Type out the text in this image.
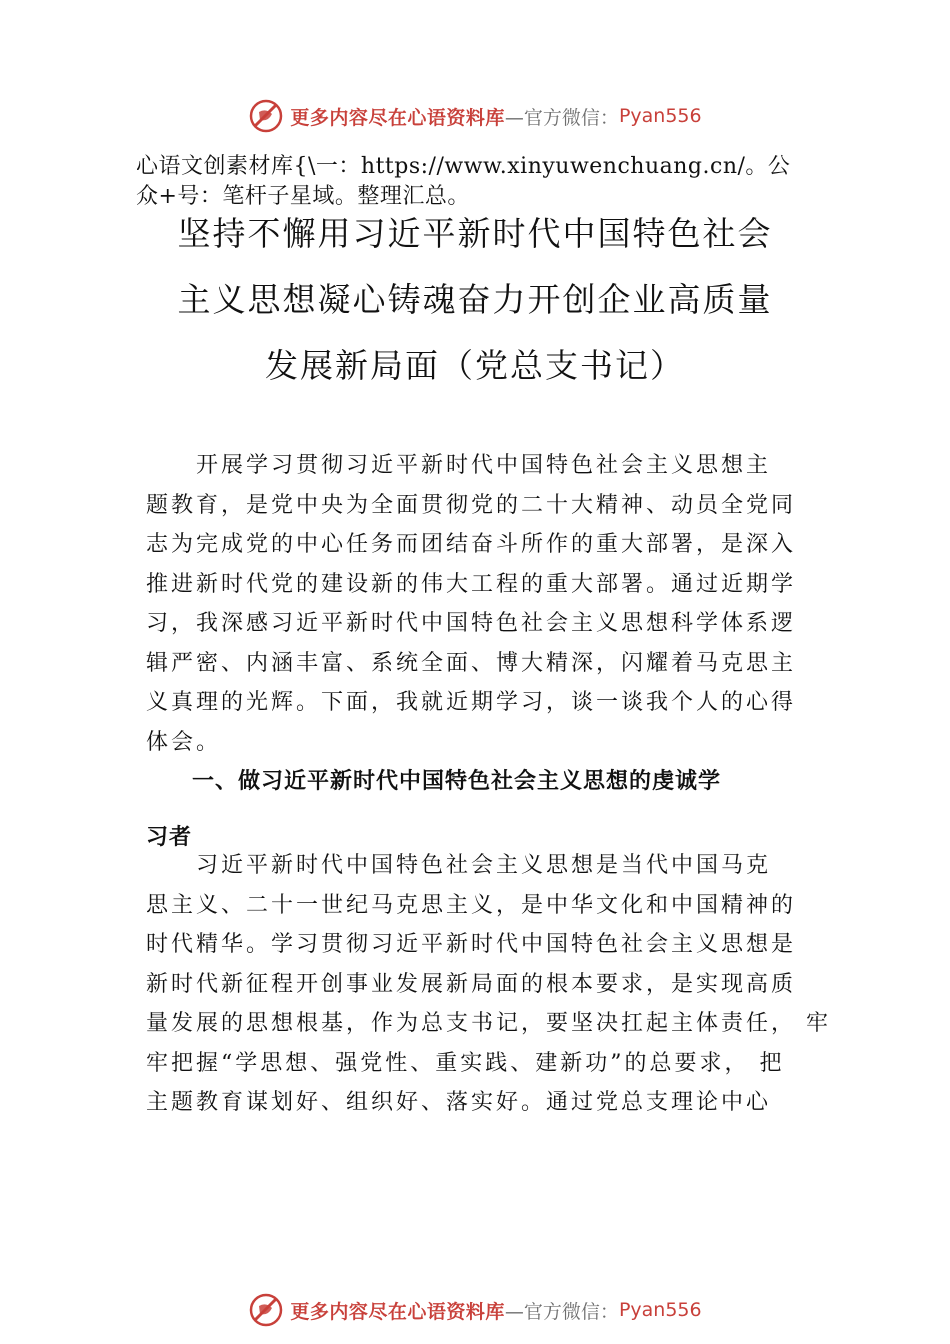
更多内容尽在心语资料库 —官方微信： Pyan556
心语文创素材库{\一：https://www.xinyuwenchuang.cn/。公
众+号：笔杆子星域。整理汇总。
坚持不懈用习近平新时代中国特色社会
主义思想凝心铸魂奋力开创企业高质量
发展新局面（党总支书记）
　　开展学习贯彻习近平新时代中国特色社会主义思想主
题教育，是党中央为全面贯彻党的二十大精神、动员全党同
志为完成党的中心任务而团结奋斗所作的重大部署，是深入
推进新时代党的建设新的伟大工程的重大部署。通过近期学
习，我深感习近平新时代中国特色社会主义思想科学体系逻
辑严密、内涵丰富、系统全面、博大精深，闪耀着马克思主
义真理的光辉。下面，我就近期学习，谈一谈我个人的心得
体会。
　　一、做习近平新时代中国特色社会主义思想的虔诚学
习者
　　习近平新时代中国特色社会主义思想是当代中国马克
思主义、二十一世纪马克思主义，是中华文化和中国精神的
时代精华。学习贯彻习近平新时代中国特色社会主义思想是
新时代新征程开创事业发展新局面的根本要求，是实现高质
量发展的思想根基，作为总支书记，要坚决扛起主体责任， 牢
牢把握“学思想、强党性、重实践、建新功”的总要求， 把
主题教育谋划好、组织好、落实好。通过党总支理论中心
更多内容尽在心语资料库 —官方微信： Pyan556
